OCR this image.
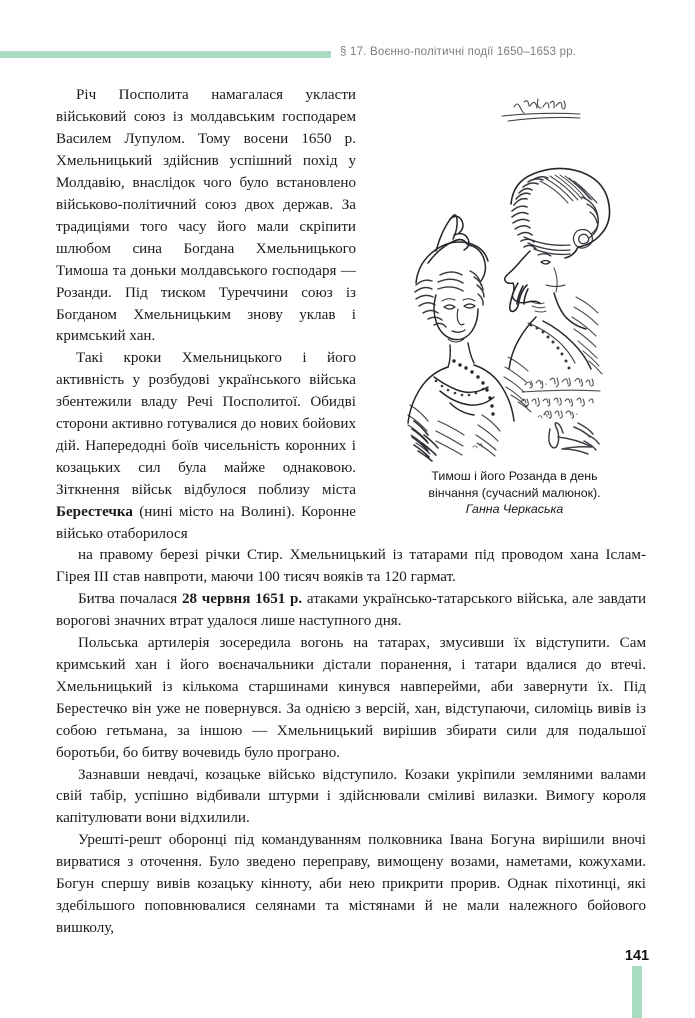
§ 17. Воєнно-політичні події 1650–1653 рр.

Річ Посполита намагалася укласти військовий союз із молдавським господарем Василем Лупулом. Тому восени 1650 р. Хмельницький здійснив успішний похід у Молдавію, внаслідок чого було встановлено військово-політичний союз двох держав. За традиціями того часу його мали скріпити шлюбом сина Богдана Хмельницького Тимоша та доньки молдавського господаря — Розанди. Під тиском Туреччини союз із Богданом Хмельницьким знову уклав і кримський хан.

Такі кроки Хмельницького і його активність у розбудові українського війська збентежили владу Речі Посполитої. Обидві сторони активно готувалися до нових бойових дій. Напередодні боїв чисельність коронних і козацьких сил була майже однаковою. Зіткнення військ відбулося поблизу міста Берестечка (нині місто на Волині). Коронне військо отаборилося

Тимош і його Розанда в день
вінчання (сучасний малюнок).
Ганна Черкаська

на правому березі річки Стир. Хмельницький із татарами під проводом хана Іслам-Гірея III став навпроти, маючи 100 тисяч вояків та 120 гармат.

Битва почалася 28 червня 1651 р. атаками українсько-татарського війська, але завдати ворогові значних втрат удалося лише наступного дня.

Польська артилерія зосередила вогонь на татарах, змусивши їх відступити. Сам кримський хан і його воєначальники дістали поранення, і татари вдалися до втечі. Хмельницький із кількома старшинами кинувся навперейми, аби завернути їх. Під Берестечко він уже не повернувся. За однією з версій, хан, відступаючи, силоміць вивів із собою гетьмана, за іншою — Хмельницький вирішив збирати сили для подальшої боротьби, бо битву вочевидь було програно.

Зазнавши невдачі, козацьке військо відступило. Козаки укріпили земляними валами свій табір, успішно відбивали штурми і здійснювали смiливі вилазки. Вимогу короля капітулювати вони відхилили.

Урешті-решт оборонці під командуванням полковника Івана Богуна вирішили вночі вирватися з оточення. Було зведено переправу, вимощену возами, наметами, кожухами. Богун спершу вивів козацьку кінноту, аби нею прикрити прорив. Однак піхотинці, які здебільшого поповнювалися селянами та містянами й не мали належного бойового вишколу,

141
